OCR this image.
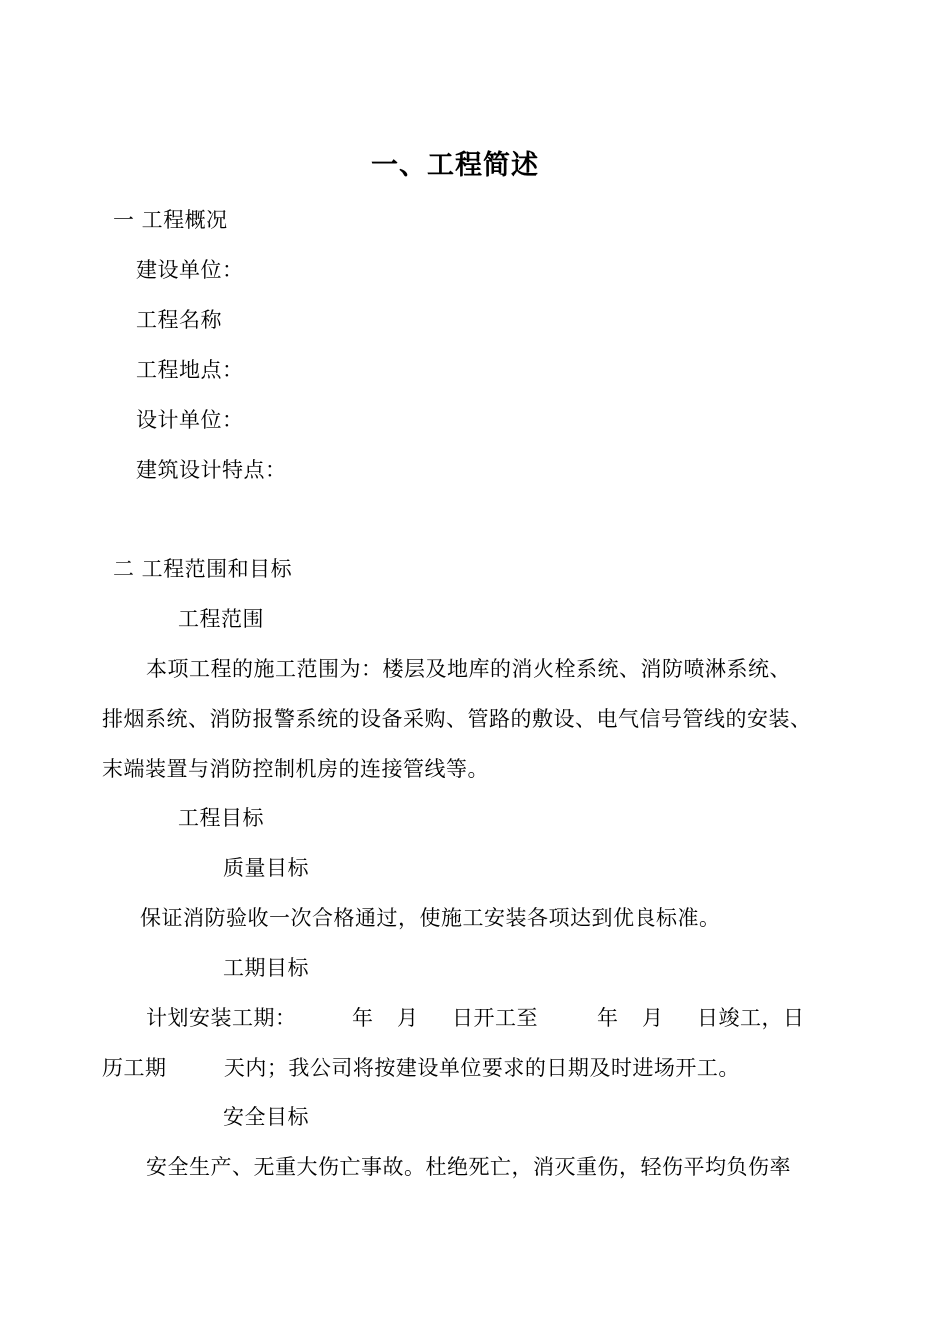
一、工程简述
一 工程概况
建设单位：
工程名称
工程地点：
设计单位：
建筑设计特点：
二 工程范围和目标
工程范围
本项工程的施工范围为：楼层及地库的消火栓系统、消防喷淋系统、
排烟系统、消防报警系统的设备采购、管路的敷设、电气信号管线的安装、
末端装置与消防控制机房的连接管线等。
工程目标
质量目标
保证消防验收一次合格通过，使施工安装各项达到优良标准。
工期目标
计划安装工期：	年 月 日开工至	年 月 日竣工，日
历工期        天内；我公司将按建设单位要求的日期及时进场开工。
安全目标
安全生产、无重大伤亡事故。杜绝死亡，消灭重伤，轻伤平均负伤率
